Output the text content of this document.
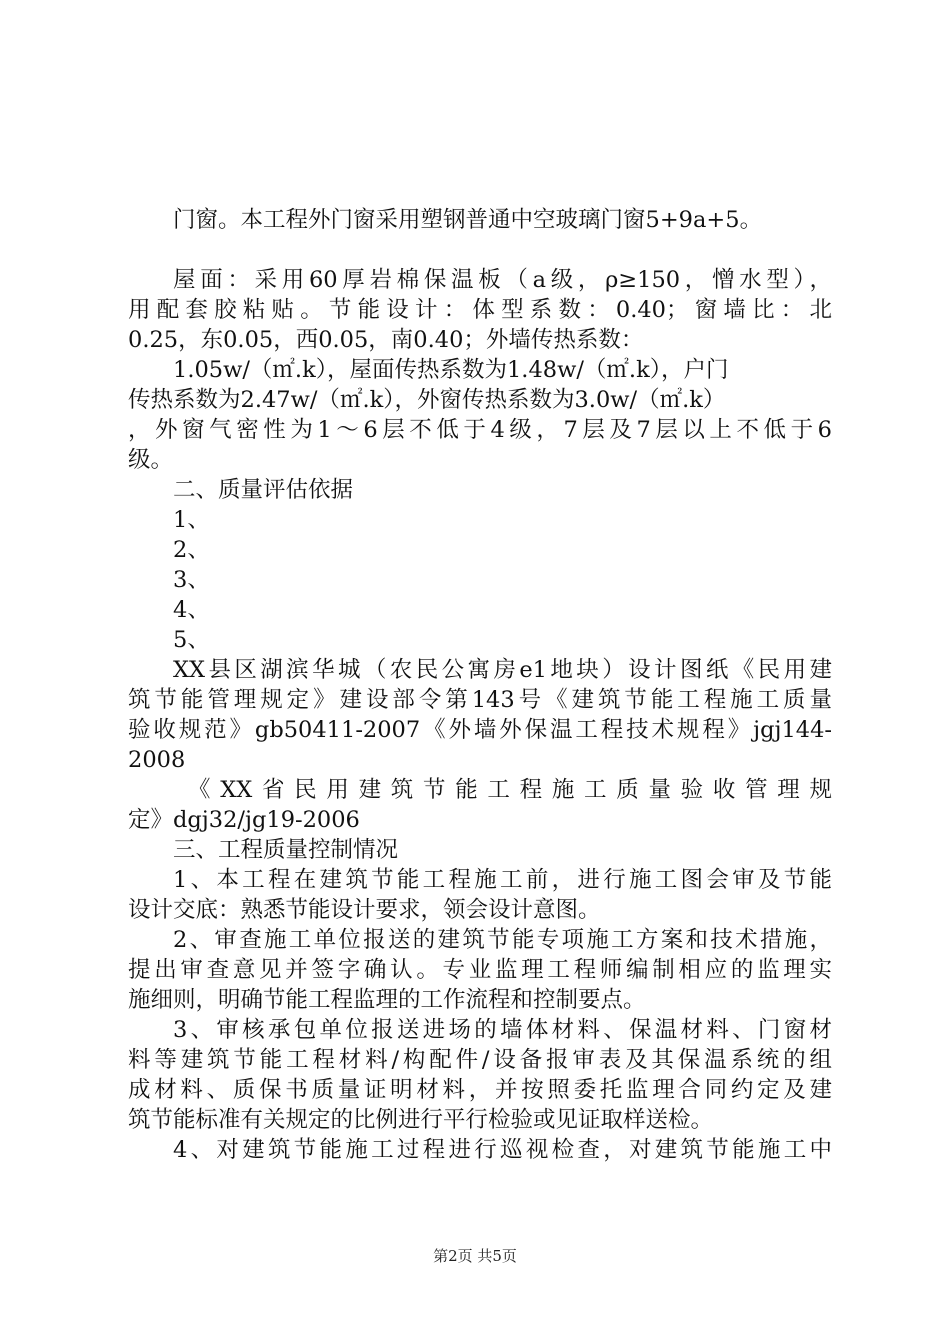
门窗。本工程外门窗采用塑钢普通中空玻璃门窗5+9a+5。
屋面：采用60厚岩棉保温板（a级，ρ≥150，憎水型），
用配套胶粘贴。节能设计：体型系数：0.40；窗墙比：北
0.25，东0.05，西0.05，南0.40；外墙传热系数：
1.05w/（㎡.k），屋面传热系数为1.48w/（㎡.k），户门
传热系数为2.47w/（㎡.k），外窗传热系数为3.0w/（㎡.k）
，外窗气密性为1～6层不低于4级，7层及7层以上不低于6
级。
二、质量评估依据
1、
2、
3、
4、
5、
XX县区湖滨华城（农民公寓房e1地块）设计图纸《民用建
筑节能管理规定》建设部令第143号《建筑节能工程施工质量
验收规范》gb50411-2007《外墙外保温工程技术规程》jgj144-
2008
《XX省民用建筑节能工程施工质量验收管理规
定》dgj32/jg19-2006
三、工程质量控制情况
1、本工程在建筑节能工程施工前，进行施工图会审及节能
设计交底：熟悉节能设计要求，领会设计意图。
2、审查施工单位报送的建筑节能专项施工方案和技术措施，
提出审查意见并签字确认。专业监理工程师编制相应的监理实
施细则，明确节能工程监理的工作流程和控制要点。
3、审核承包单位报送进场的墙体材料、保温材料、门窗材
料等建筑节能工程材料/构配件/设备报审表及其保温系统的组
成材料、质保书质量证明材料，并按照委托监理合同约定及建
筑节能标准有关规定的比例进行平行检验或见证取样送检。
4、对建筑节能施工过程进行巡视检查，对建筑节能施工中
第2页 共5页
